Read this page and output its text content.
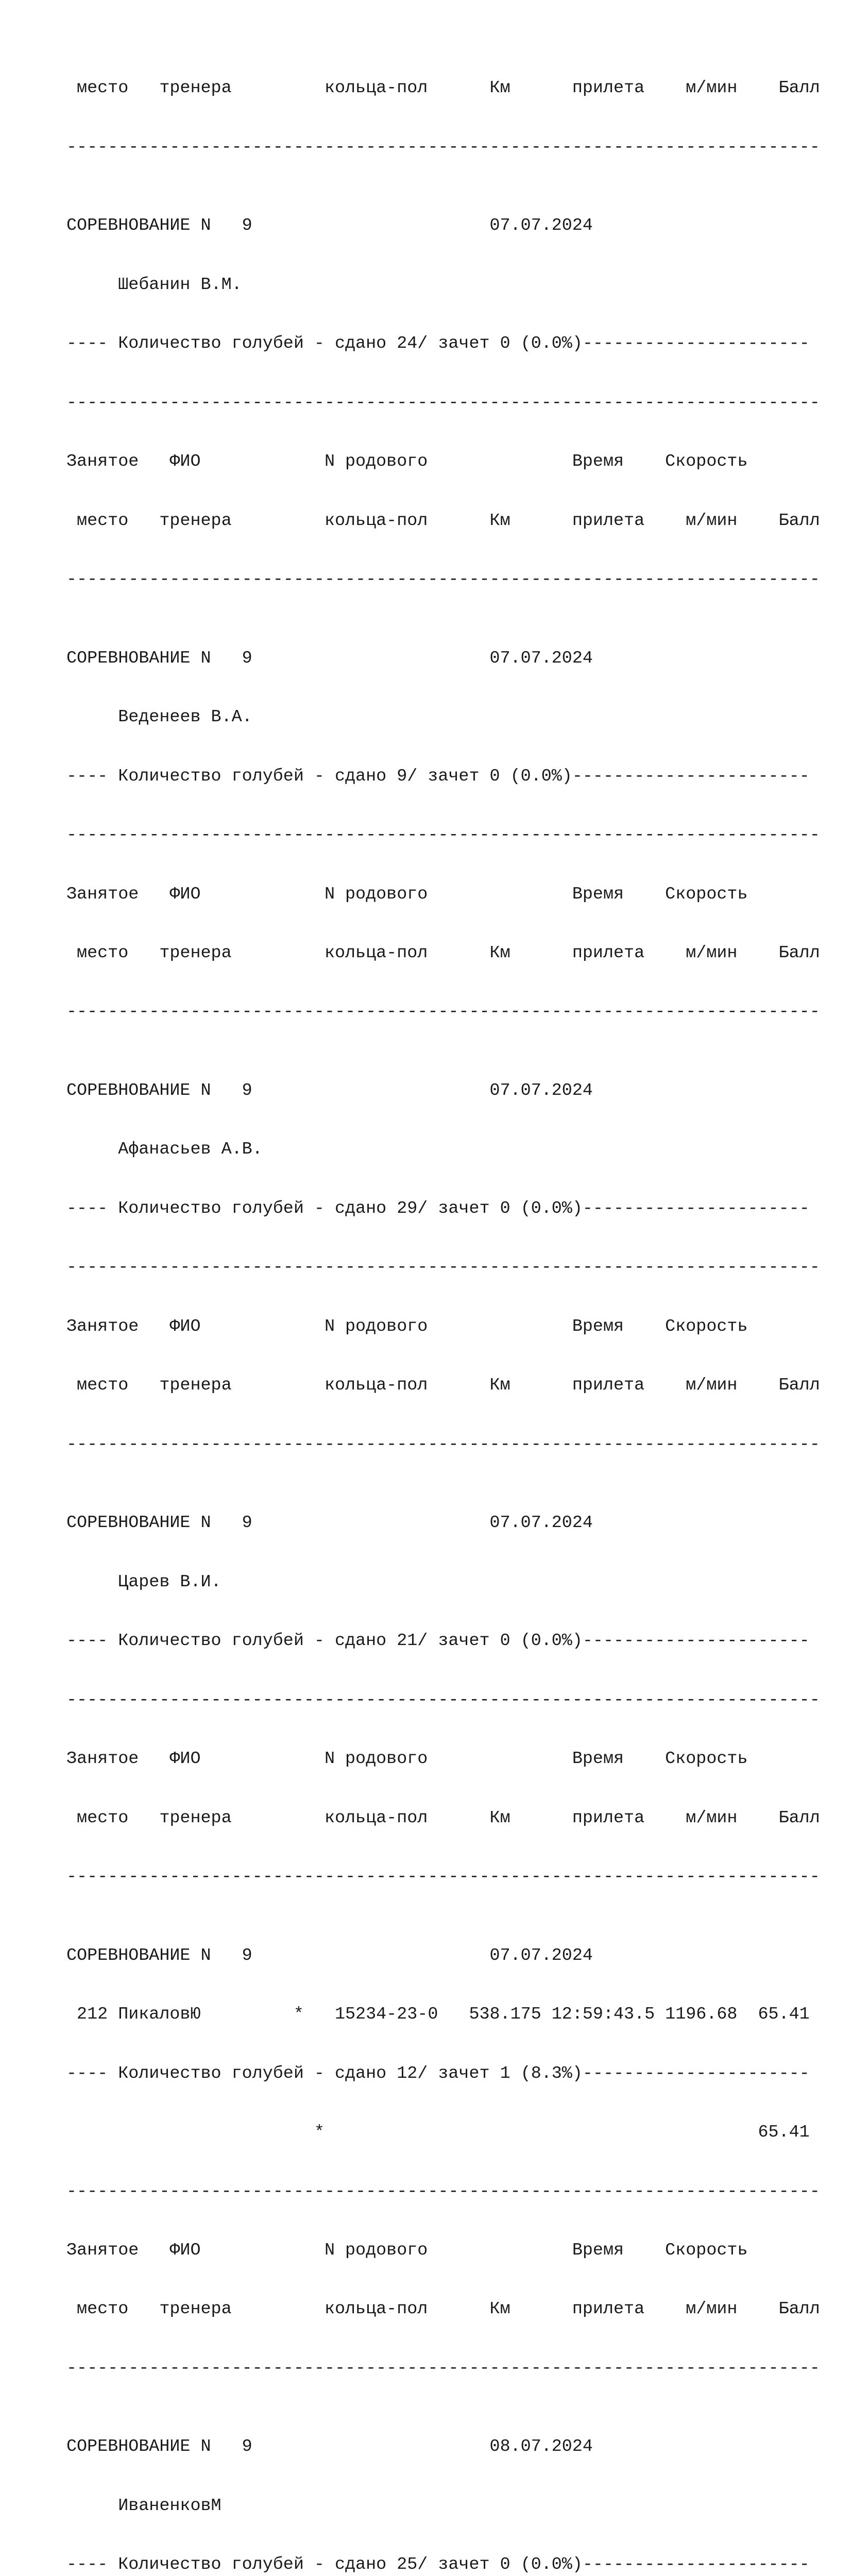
место   тренера         кольца-пол      Км      прилета    м/мин    Балл

-------------------------------------------------------------------------

СОРЕВНОВАНИЕ N   9                       07.07.2024

Шебанин В.М.

---- Количество голубей - сдано 24/ зачет 0 (0.0%)----------------------

-------------------------------------------------------------------------

Занятое   ФИО            N родового              Время    Скорость

место   тренера         кольца-пол      Км      прилета    м/мин    Балл

-------------------------------------------------------------------------

СОРЕВНОВАНИЕ N   9                       07.07.2024

Веденеев В.А.

---- Количество голубей - сдано 9/ зачет 0 (0.0%)-----------------------

-------------------------------------------------------------------------

Занятое   ФИО            N родового              Время    Скорость

место   тренера         кольца-пол      Км      прилета    м/мин    Балл

-------------------------------------------------------------------------

СОРЕВНОВАНИЕ N   9                       07.07.2024

Афанасьев А.В.

---- Количество голубей - сдано 29/ зачет 0 (0.0%)----------------------

-------------------------------------------------------------------------

Занятое   ФИО            N родового              Время    Скорость

место   тренера         кольца-пол      Км      прилета    м/мин    Балл

-------------------------------------------------------------------------

СОРЕВНОВАНИЕ N   9                       07.07.2024

Царев В.И.

---- Количество голубей - сдано 21/ зачет 0 (0.0%)----------------------

-------------------------------------------------------------------------

Занятое   ФИО            N родового              Время    Скорость

место   тренера         кольца-пол      Км      прилета    м/мин    Балл

-------------------------------------------------------------------------

СОРЕВНОВАНИЕ N   9                       07.07.2024

212 ПикаловЮ         *   15234-23-0   538.175 12:59:43.5 1196.68  65.41

---- Количество голубей - сдано 12/ зачет 1 (8.3%)----------------------

*                                          65.41

-------------------------------------------------------------------------

Занятое   ФИО            N родового              Время    Скорость

место   тренера         кольца-пол      Км      прилета    м/мин    Балл

-------------------------------------------------------------------------

СОРЕВНОВАНИЕ N   9                       08.07.2024

ИваненковМ

---- Количество голубей - сдано 25/ зачет 0 (0.0%)----------------------
